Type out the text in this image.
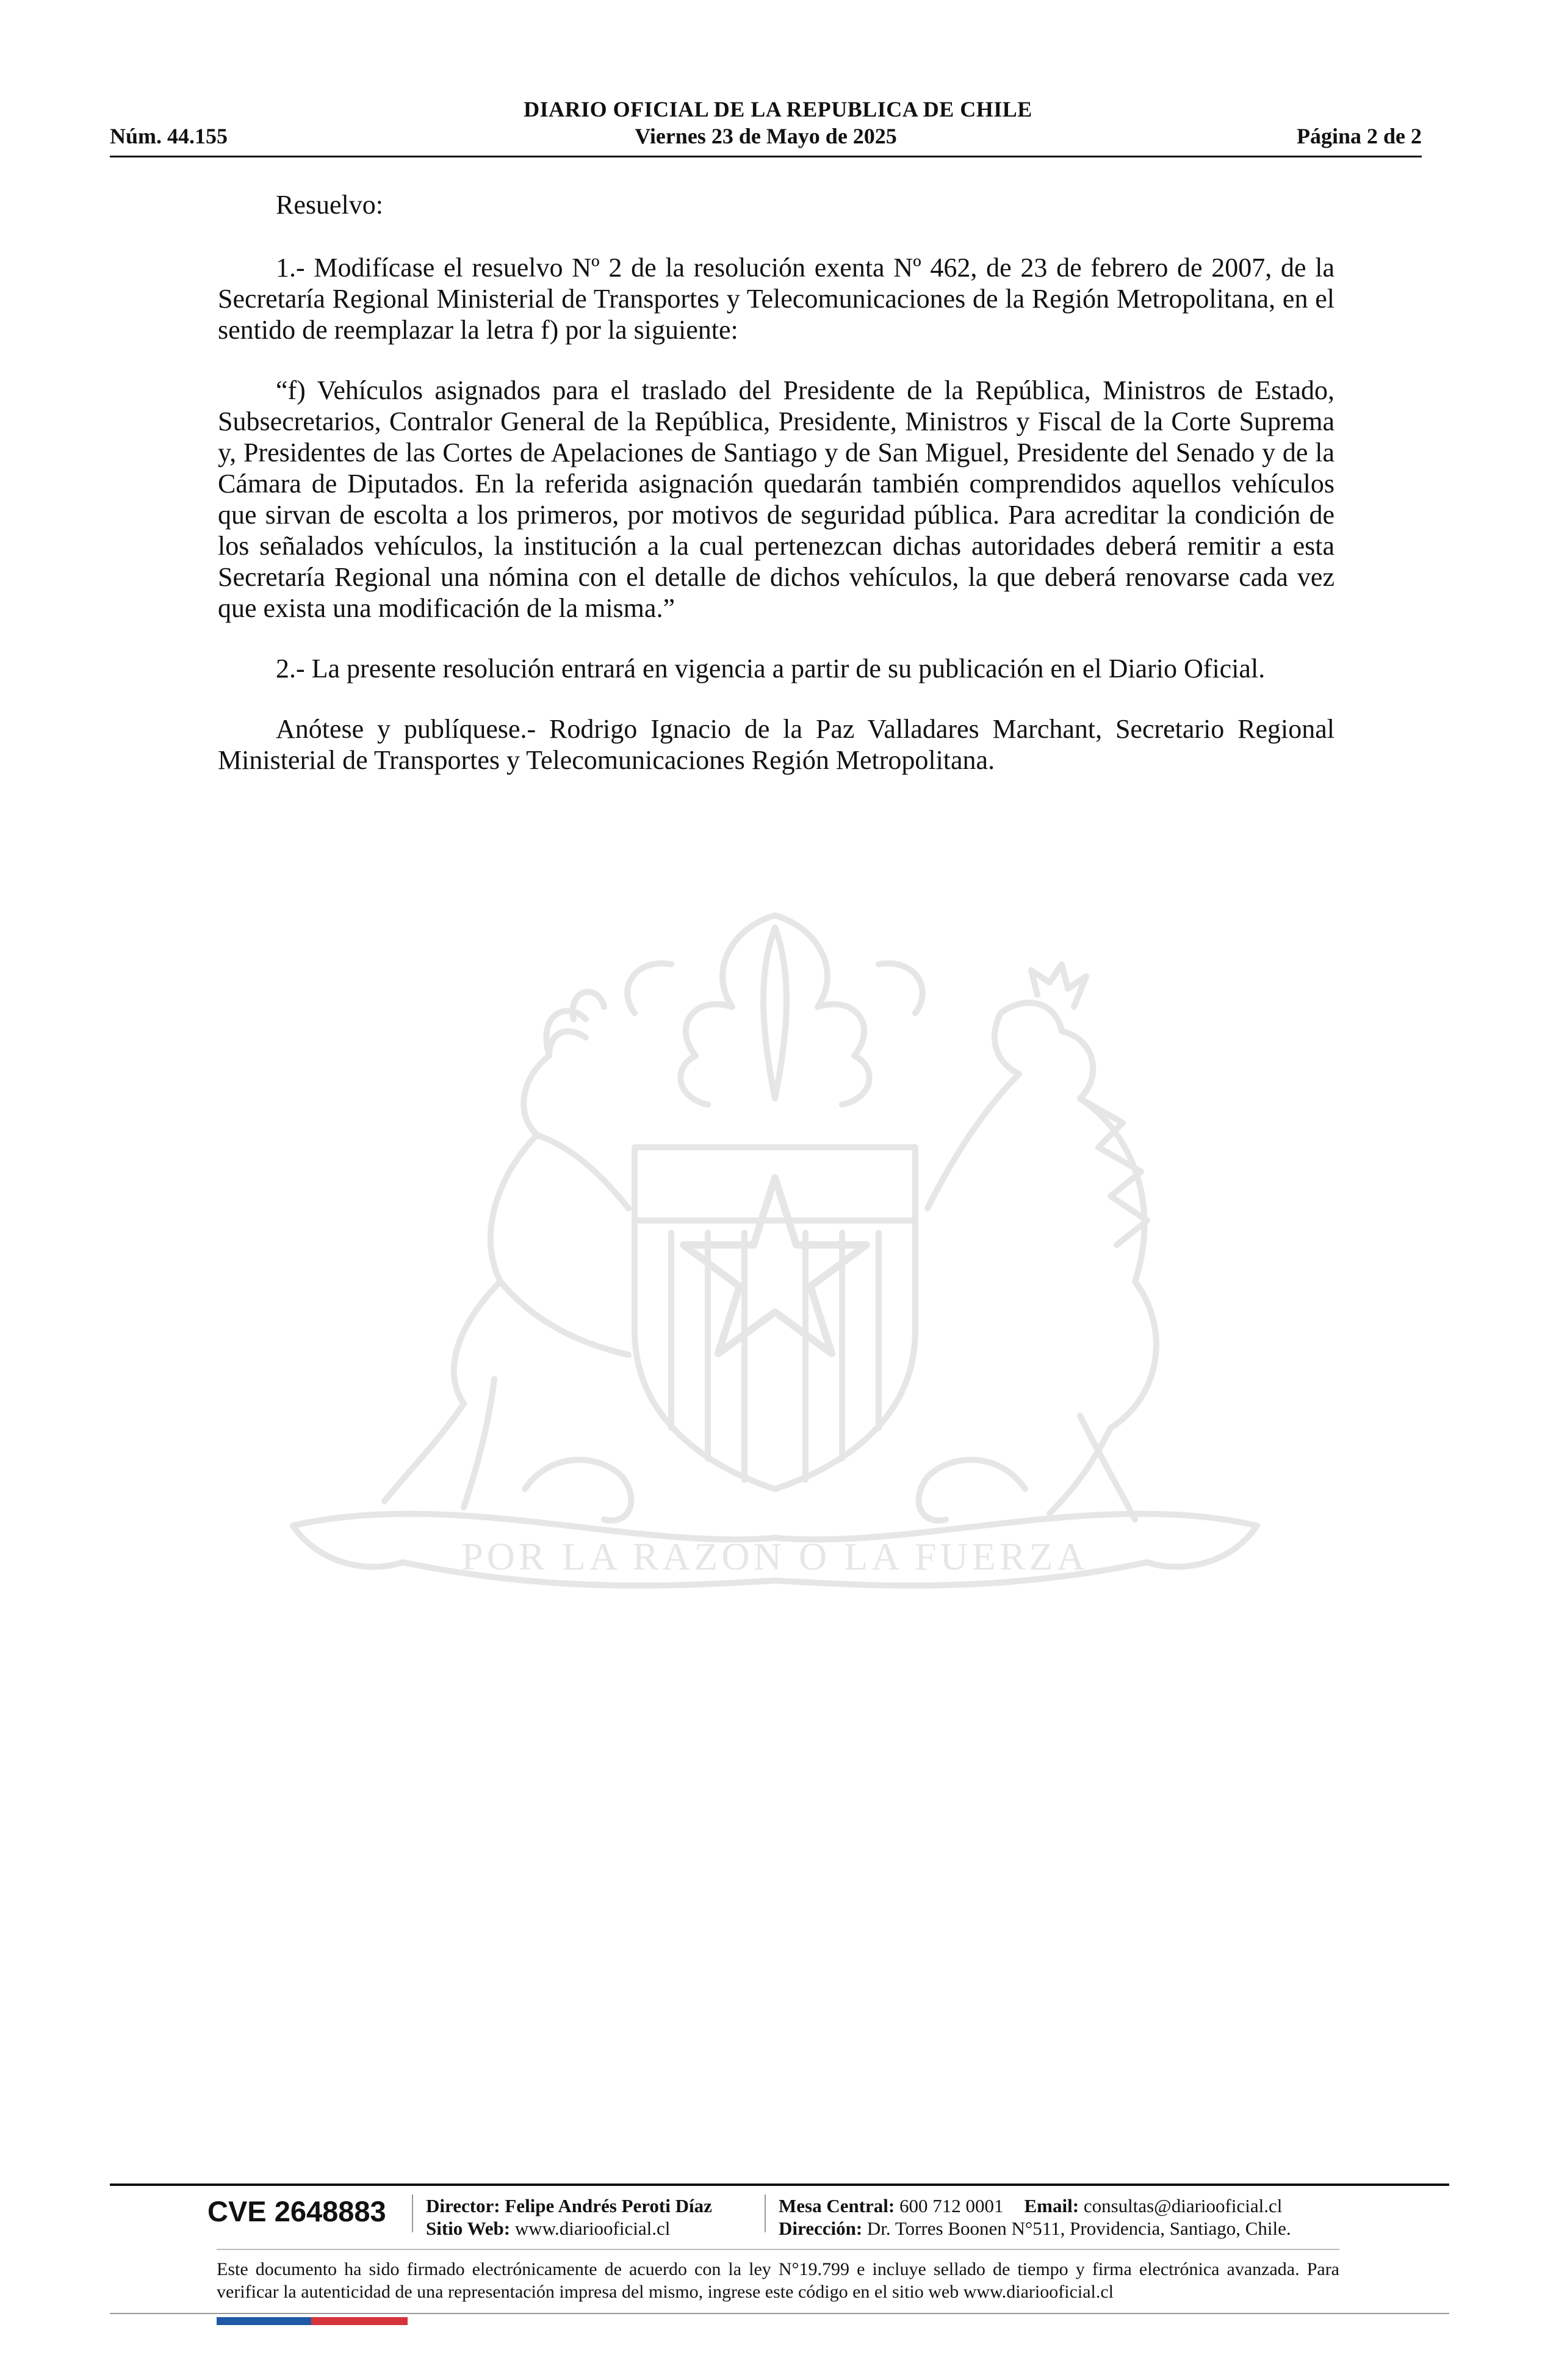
DIARIO OFICIAL DE LA REPUBLICA DE CHILE
Núm. 44.155	Viernes 23 de Mayo de 2025	Página 2 de 2

Resuelvo:

1.- Modifícase el resuelvo Nº 2 de la resolución exenta Nº 462, de 23 de febrero de 2007, de la Secretaría Regional Ministerial de Transportes y Telecomunicaciones de la Región Metropolitana, en el sentido de reemplazar la letra f) por la siguiente:

“f) Vehículos asignados para el traslado del Presidente de la República, Ministros de Estado, Subsecretarios, Contralor General de la República, Presidente, Ministros y Fiscal de la Corte Suprema y, Presidentes de las Cortes de Apelaciones de Santiago y de San Miguel, Presidente del Senado y de la Cámara de Diputados. En la referida asignación quedarán también comprendidos aquellos vehículos que sirvan de escolta a los primeros, por motivos de seguridad pública. Para acreditar la condición de los señalados vehículos, la institución a la cual pertenezcan dichas autoridades deberá remitir a esta Secretaría Regional una nómina con el detalle de dichos vehículos, la que deberá renovarse cada vez que exista una modificación de la misma.”

2.- La presente resolución entrará en vigencia a partir de su publicación en el Diario Oficial.

Anótese y publíquese.- Rodrigo Ignacio de la Paz Valladares Marchant, Secretario Regional Ministerial de Transportes y Telecomunicaciones Región Metropolitana.

POR LA RAZON O LA FUERZA
CVE 2648883	Director: Felipe Andrés Peroti Díaz
Sitio Web: www.diariooficial.cl
Mesa Central: 600 712 0001 Email: consultas@diariooficial.cl
Dirección: Dr. Torres Boonen N°511, Providencia, Santiago, Chile.
Este documento ha sido firmado electrónicamente de acuerdo con la ley N°19.799 e incluye sellado de tiempo y firma electrónica avanzada. Para verificar la autenticidad de una representación impresa del mismo, ingrese este código en el sitio web www.diariooficial.cl
